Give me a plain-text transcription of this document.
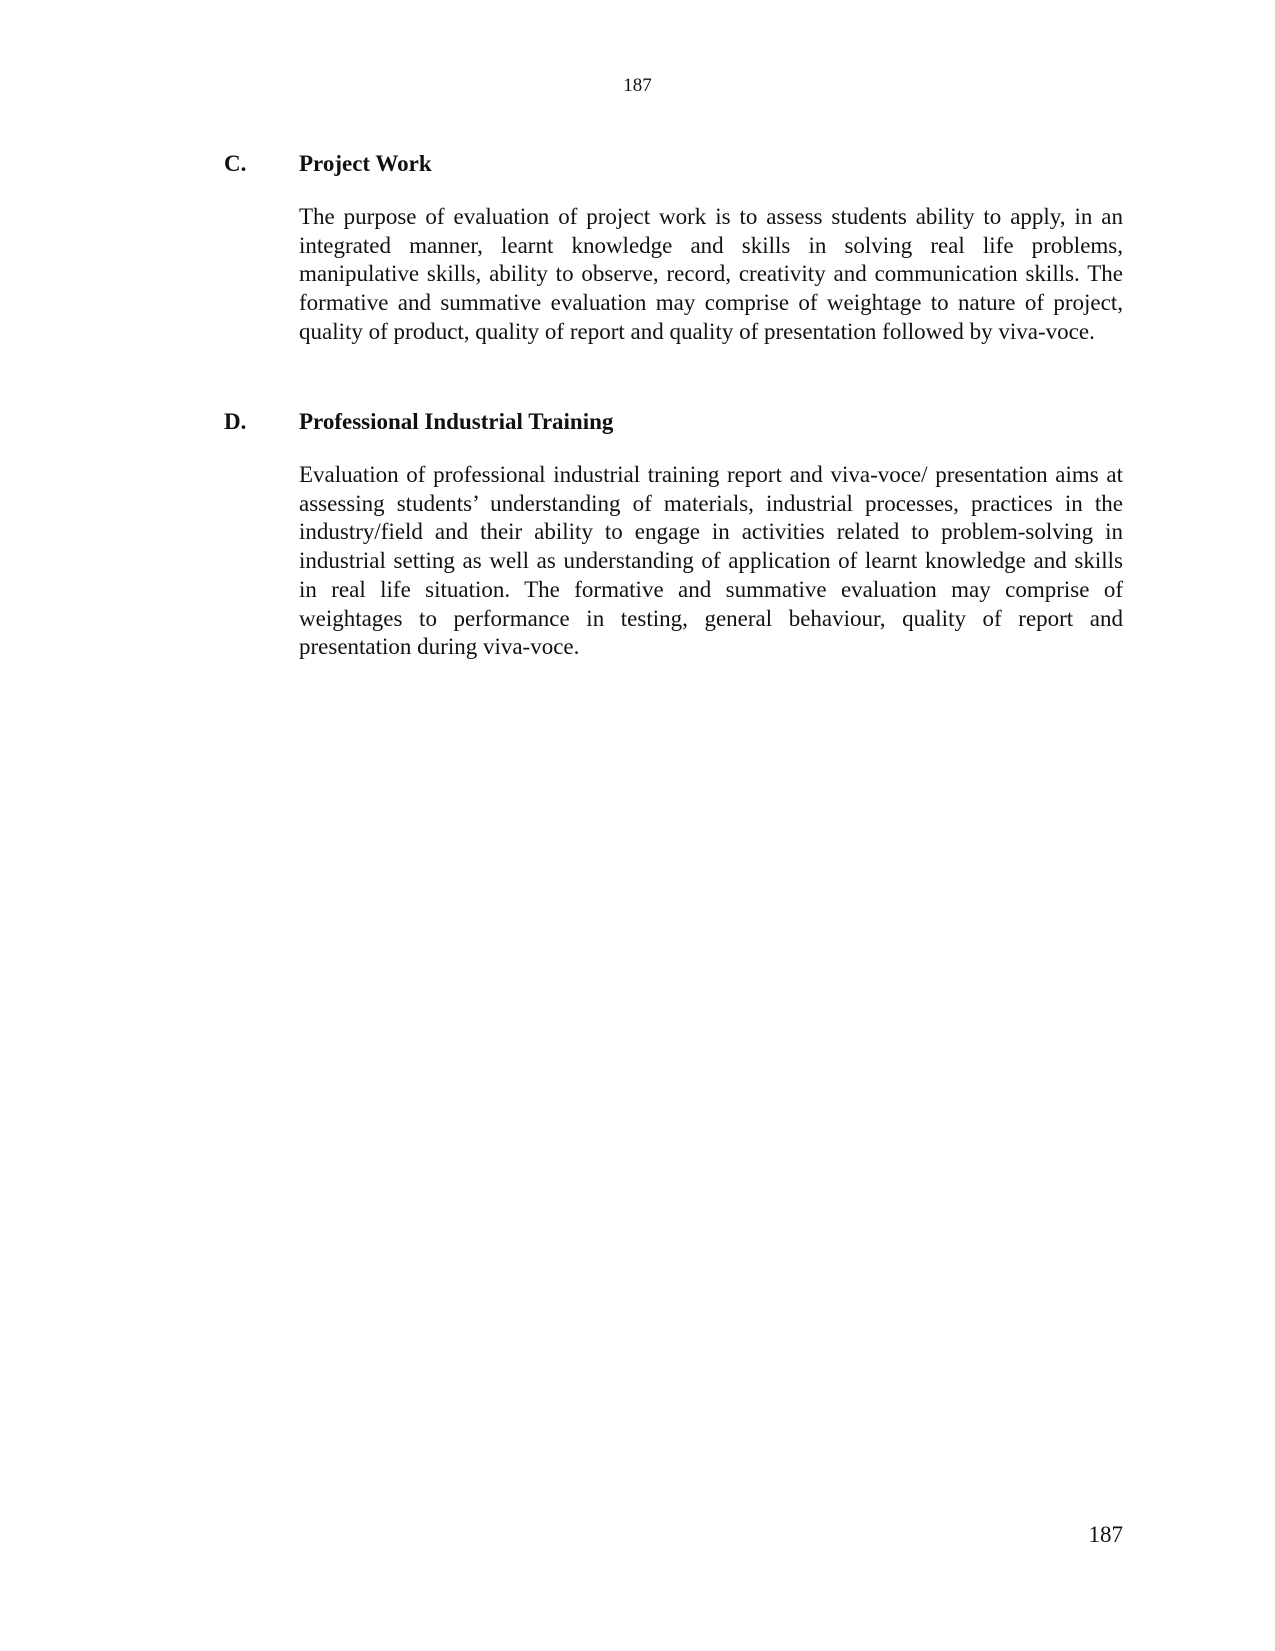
187
C.	Project Work
The purpose of evaluation of project work is to assess students ability to apply, in an integrated manner, learnt knowledge and skills in solving real life problems, manipulative skills, ability to observe, record, creativity and communication skills. The formative and summative evaluation may comprise of weightage to nature of project, quality of product, quality of report and quality of presentation followed by viva-voce.
D.	Professional Industrial Training
Evaluation of professional industrial training report and viva-voce/ presentation aims at assessing students’ understanding of materials, industrial processes, practices in the industry/field and their ability to engage in activities related to problem-solving in industrial setting as well as understanding of application of learnt knowledge and skills in real life situation. The formative and summative evaluation may comprise of weightages to performance in testing, general behaviour, quality of report and presentation during viva-voce.
187
